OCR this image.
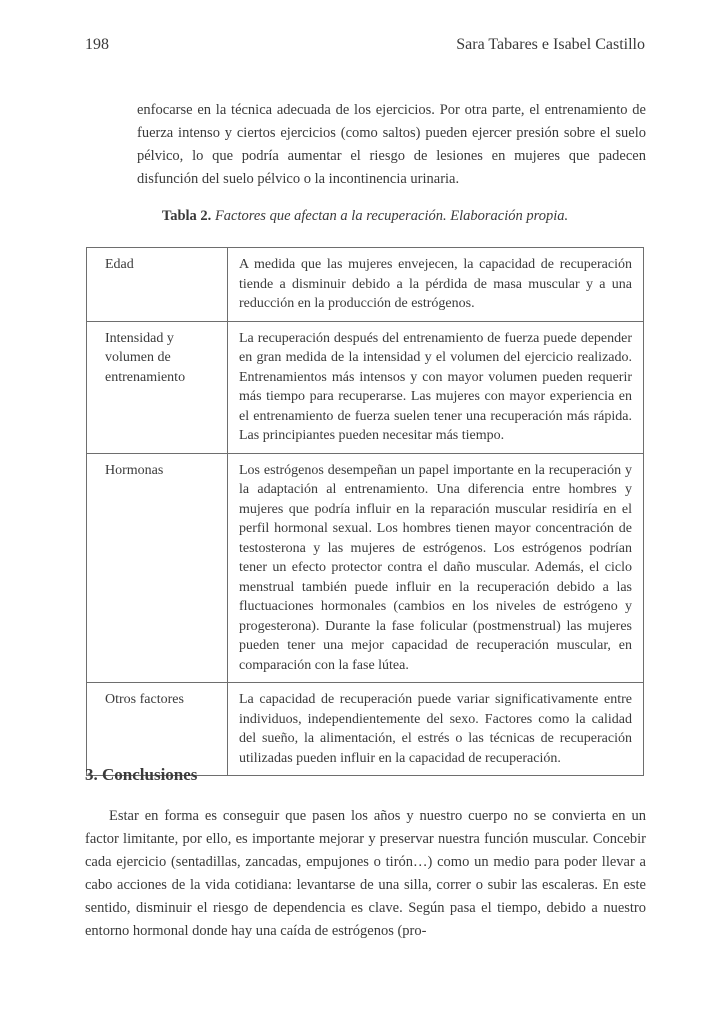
198	Sara Tabares e Isabel Castillo

enfocarse en la técnica adecuada de los ejercicios. Por otra parte, el entrenamiento de fuerza intenso y ciertos ejercicios (como saltos) pueden ejercer presión sobre el suelo pélvico, lo que podría aumentar el riesgo de lesiones en mujeres que padecen disfunción del suelo pélvico o la incontinencia urinaria.

Tabla 2. Factores que afectan a la recuperación. Elaboración propia.
Edad	A medida que las mujeres envejecen, la capacidad de recuperación tiende a disminuir debido a la pérdida de masa muscular y a una reducción en la producción de estrógenos.
Intensidad y volumen de entrenamiento	La recuperación después del entrenamiento de fuerza puede depender en gran medida de la intensidad y el volumen del ejercicio realizado. Entrenamientos más intensos y con mayor volumen pueden requerir más tiempo para recuperarse. Las mujeres con mayor experiencia en el entrenamiento de fuerza suelen tener una recuperación más rápida. Las principiantes pueden necesitar más tiempo.
Hormonas	Los estrógenos desempeñan un papel importante en la recuperación y la adaptación al entrenamiento. Una diferencia entre hombres y mujeres que podría influir en la reparación muscular residiría en el perfil hormonal sexual. Los hombres tienen mayor concentración de testosterona y las mujeres de estrógenos. Los estrógenos podrían tener un efecto protector contra el daño muscular. Además, el ciclo menstrual también puede influir en la recuperación debido a las fluctuaciones hormonales (cambios en los niveles de estrógeno y progesterona). Durante la fase folicular (postmenstrual) las mujeres pueden tener una mejor capacidad de recuperación muscular, en comparación con la fase lútea.
Otros factores	La capacidad de recuperación puede variar significativamente entre individuos, independientemente del sexo. Factores como la calidad del sueño, la alimentación, el estrés o las técnicas de recuperación utilizadas pueden influir en la capacidad de recuperación.
3. Conclusiones

Estar en forma es conseguir que pasen los años y nuestro cuerpo no se convierta en un factor limitante, por ello, es importante mejorar y preservar nuestra función muscular. Concebir cada ejercicio (sentadillas, zancadas, empujones o tirón…) como un medio para poder llevar a cabo acciones de la vida cotidiana: levantarse de una silla, correr o subir las escaleras. En este sentido, disminuir el riesgo de dependencia es clave. Según pasa el tiempo, debido a nuestro entorno hormonal donde hay una caída de estrógenos (pro-
